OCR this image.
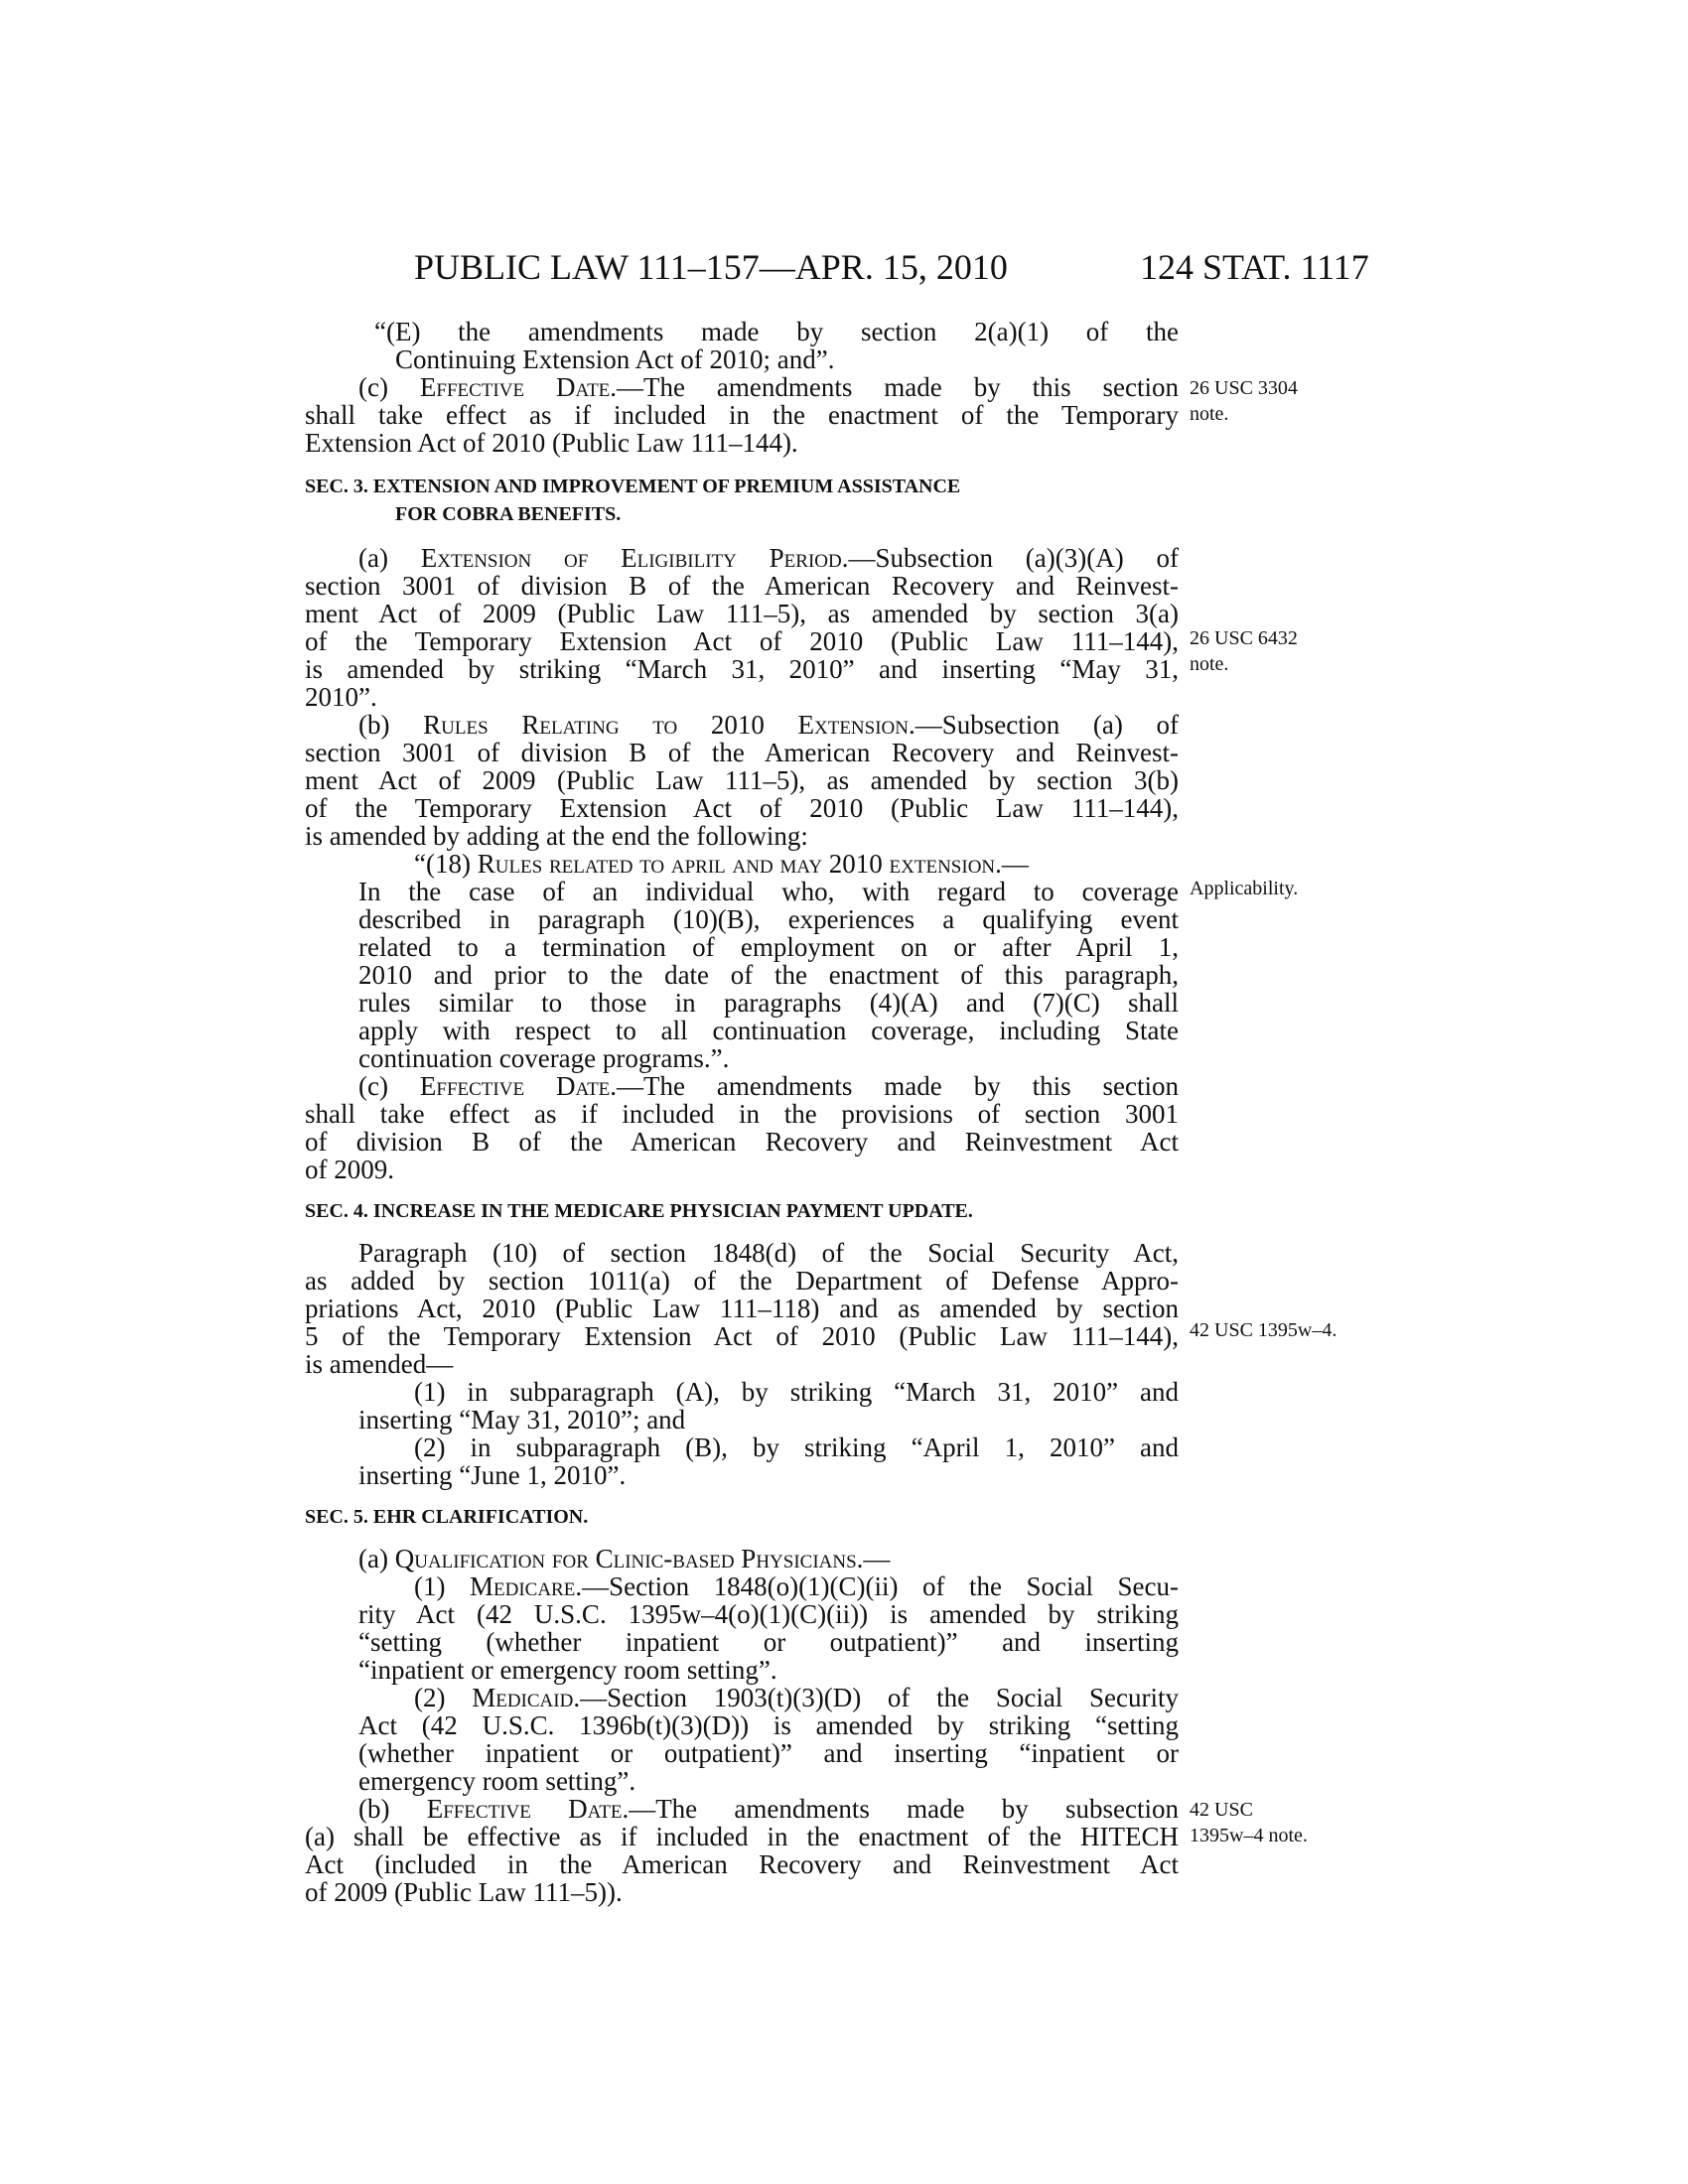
PUBLIC LAW 111–157—APR. 15, 2010	124 STAT. 1117
“(E) the amendments made by section 2(a)(1) of the
Continuing Extension Act of 2010; and”.
(c) Effective Date.—The amendments made by this section
shall take effect as if included in the enactment of the Temporary
Extension Act of 2010 (Public Law 111–144).
SEC. 3. EXTENSION AND IMPROVEMENT OF PREMIUM ASSISTANCE
FOR COBRA BENEFITS.
(a) Extension of Eligibility Period.—Subsection (a)(3)(A) of
section 3001 of division B of the American Recovery and Reinvest-
ment Act of 2009 (Public Law 111–5), as amended by section 3(a)
of the Temporary Extension Act of 2010 (Public Law 111–144),
is amended by striking “March 31, 2010” and inserting “May 31,
2010”.
(b) Rules Relating to 2010 Extension.—Subsection (a) of
section 3001 of division B of the American Recovery and Reinvest-
ment Act of 2009 (Public Law 111–5), as amended by section 3(b)
of the Temporary Extension Act of 2010 (Public Law 111–144),
is amended by adding at the end the following:
“(18) Rules related to april and may 2010 extension.—
In the case of an individual who, with regard to coverage
described in paragraph (10)(B), experiences a qualifying event
related to a termination of employment on or after April 1,
2010 and prior to the date of the enactment of this paragraph,
rules similar to those in paragraphs (4)(A) and (7)(C) shall
apply with respect to all continuation coverage, including State
continuation coverage programs.”.
(c) Effective Date.—The amendments made by this section
shall take effect as if included in the provisions of section 3001
of division B of the American Recovery and Reinvestment Act
of 2009.
SEC. 4. INCREASE IN THE MEDICARE PHYSICIAN PAYMENT UPDATE.
Paragraph (10) of section 1848(d) of the Social Security Act,
as added by section 1011(a) of the Department of Defense Appro-
priations Act, 2010 (Public Law 111–118) and as amended by section
5 of the Temporary Extension Act of 2010 (Public Law 111–144),
is amended—
(1) in subparagraph (A), by striking “March 31, 2010” and
inserting “May 31, 2010”; and
(2) in subparagraph (B), by striking “April 1, 2010” and
inserting “June 1, 2010”.
SEC. 5. EHR CLARIFICATION.
(a) Qualification for Clinic-based Physicians.—
(1) Medicare.—Section 1848(o)(1)(C)(ii) of the Social Secu-
rity Act (42 U.S.C. 1395w–4(o)(1)(C)(ii)) is amended by striking
“setting (whether inpatient or outpatient)” and inserting
“inpatient or emergency room setting”.
(2) Medicaid.—Section 1903(t)(3)(D) of the Social Security
Act (42 U.S.C. 1396b(t)(3)(D)) is amended by striking “setting
(whether inpatient or outpatient)” and inserting “inpatient or
emergency room setting”.
(b) Effective Date.—The amendments made by subsection
(a) shall be effective as if included in the enactment of the HITECH
Act (included in the American Recovery and Reinvestment Act
of 2009 (Public Law 111–5)).
26 USC 3304
note.
26 USC 6432
note.
Applicability.
42 USC 1395w–4.
42 USC
1395w–4 note.
